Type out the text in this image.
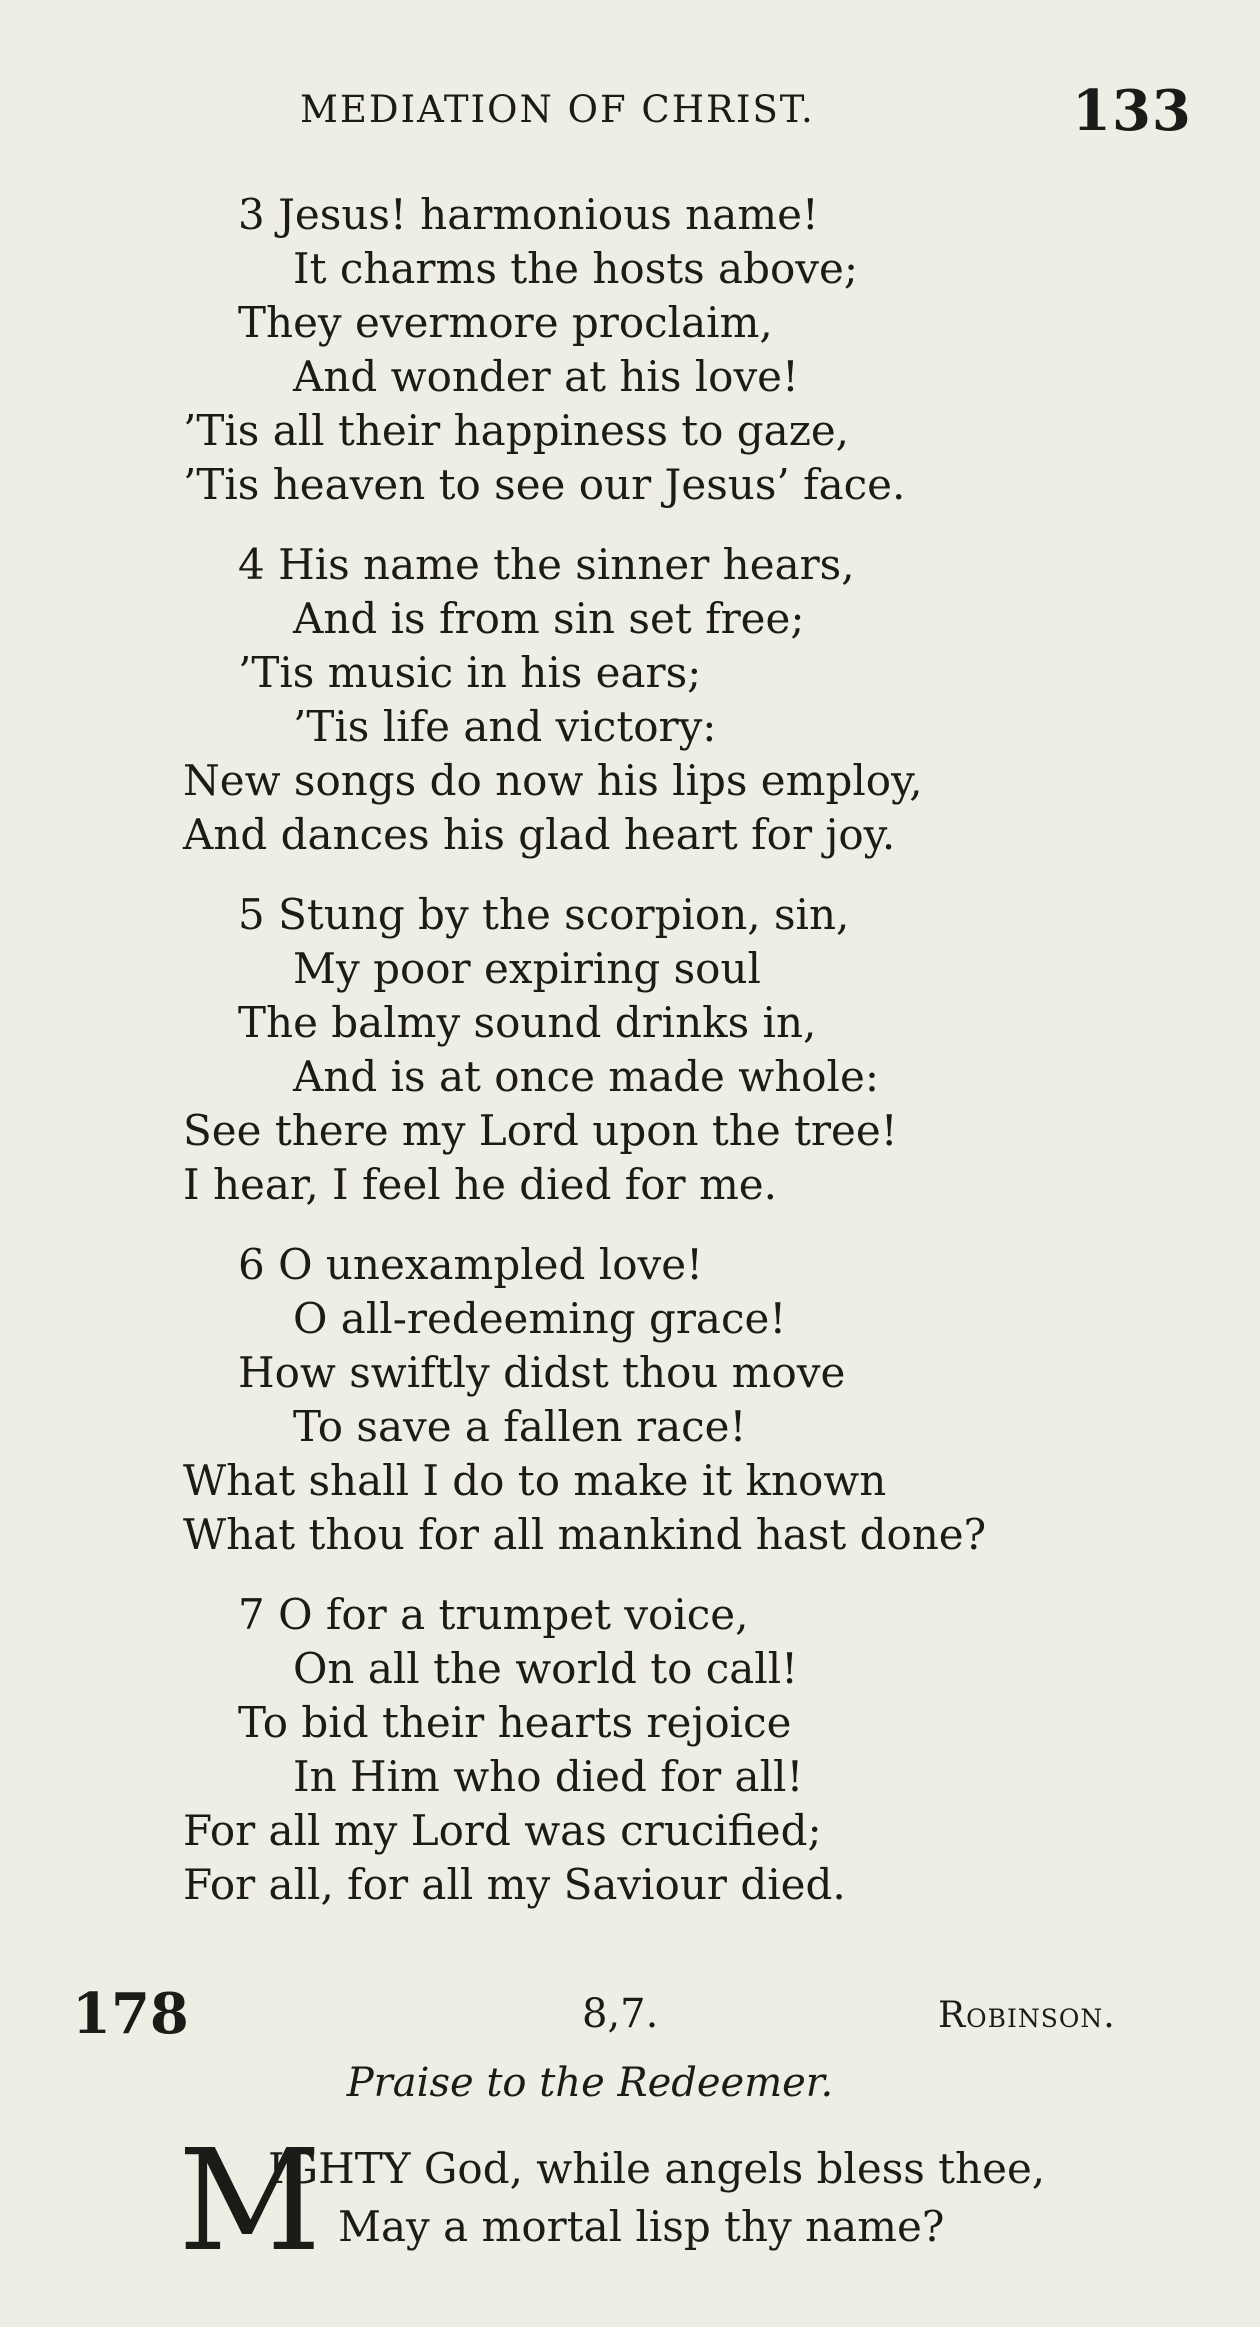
MEDIATION OF CHRIST.	133
3 Jesus! harmonious name!
It charms the hosts above;
They evermore proclaim,
And wonder at his love!
’Tis all their happiness to gaze,
’Tis heaven to see our Jesus’ face.
4 His name the sinner hears,
And is from sin set free;
’Tis music in his ears;
’Tis life and victory:
New songs do now his lips employ,
And dances his glad heart for joy.
5 Stung by the scorpion, sin,
My poor expiring soul
The balmy sound drinks in,
And is at once made whole:
See there my Lord upon the tree!
I hear, I feel he died for me.
6 O unexampled love!
O all-redeeming grace!
How swiftly didst thou move
To save a fallen race!
What shall I do to make it known
What thou for all mankind hast done?
7 O for a trumpet voice,
On all the world to call!
To bid their hearts rejoice
In Him who died for all!
For all my Lord was crucified;
For all, for all my Saviour died.
178	8,7.	Robinson.
Praise to the Redeemer.
M
IGHTY God, while angels bless thee,
May a mortal lisp thy name?
